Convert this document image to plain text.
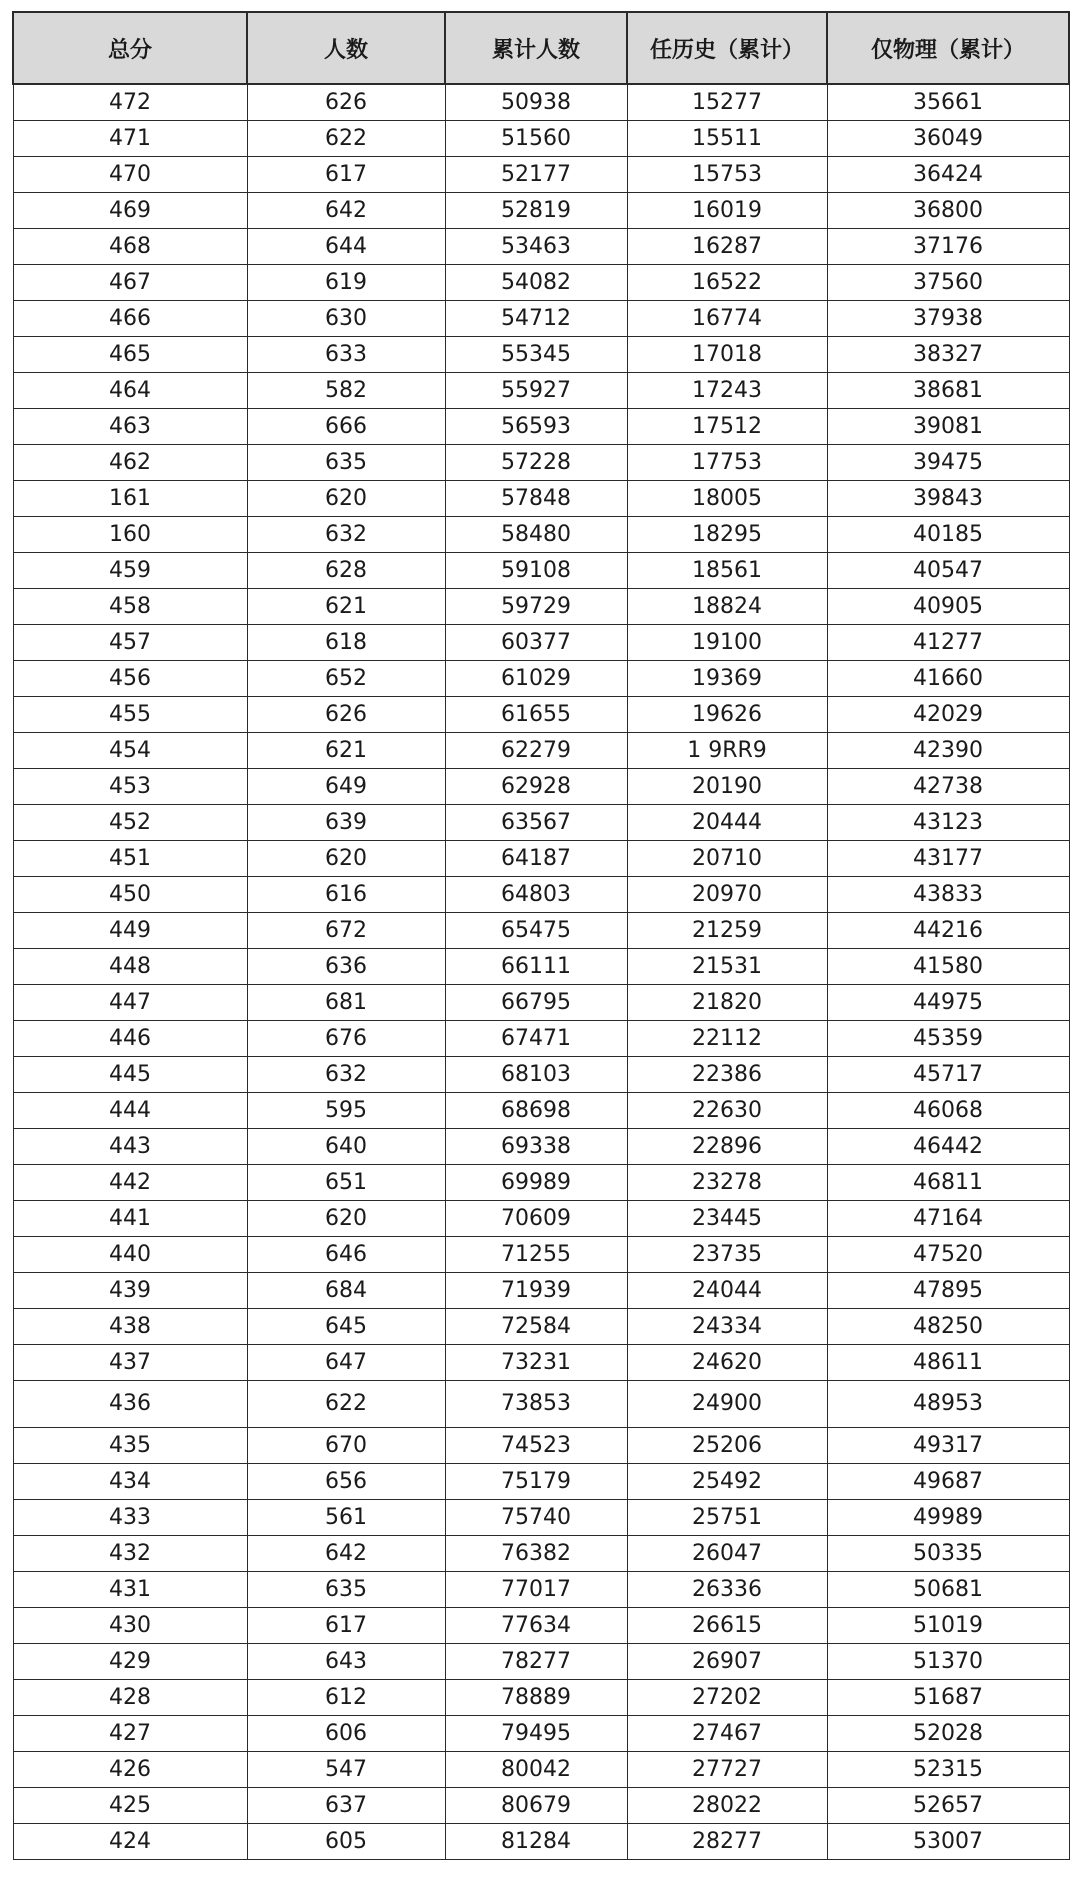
总分	人数	累计人数	任历史（累计）	仅物理（累计）
472	626	50938	15277	35661
471	622	51560	15511	36049
470	617	52177	15753	36424
469	642	52819	16019	36800
468	644	53463	16287	37176
467	619	54082	16522	37560
466	630	54712	16774	37938
465	633	55345	17018	38327
464	582	55927	17243	38681
463	666	56593	17512	39081
462	635	57228	17753	39475
161	620	57848	18005	39843
160	632	58480	18295	40185
459	628	59108	18561	40547
458	621	59729	18824	40905
457	618	60377	19100	41277
456	652	61029	19369	41660
455	626	61655	19626	42029
454	621	62279	1 9RR9	42390
453	649	62928	20190	42738
452	639	63567	20444	43123
451	620	64187	20710	43177
450	616	64803	20970	43833
449	672	65475	21259	44216
448	636	66111	21531	41580
447	681	66795	21820	44975
446	676	67471	22112	45359
445	632	68103	22386	45717
444	595	68698	22630	46068
443	640	69338	22896	46442
442	651	69989	23278	46811
441	620	70609	23445	47164
440	646	71255	23735	47520
439	684	71939	24044	47895
438	645	72584	24334	48250
437	647	73231	24620	48611
436	622	73853	24900	48953
435	670	74523	25206	49317
434	656	75179	25492	49687
433	561	75740	25751	49989
432	642	76382	26047	50335
431	635	77017	26336	50681
430	617	77634	26615	51019
429	643	78277	26907	51370
428	612	78889	27202	51687
427	606	79495	27467	52028
426	547	80042	27727	52315
425	637	80679	28022	52657
424	605	81284	28277	53007
